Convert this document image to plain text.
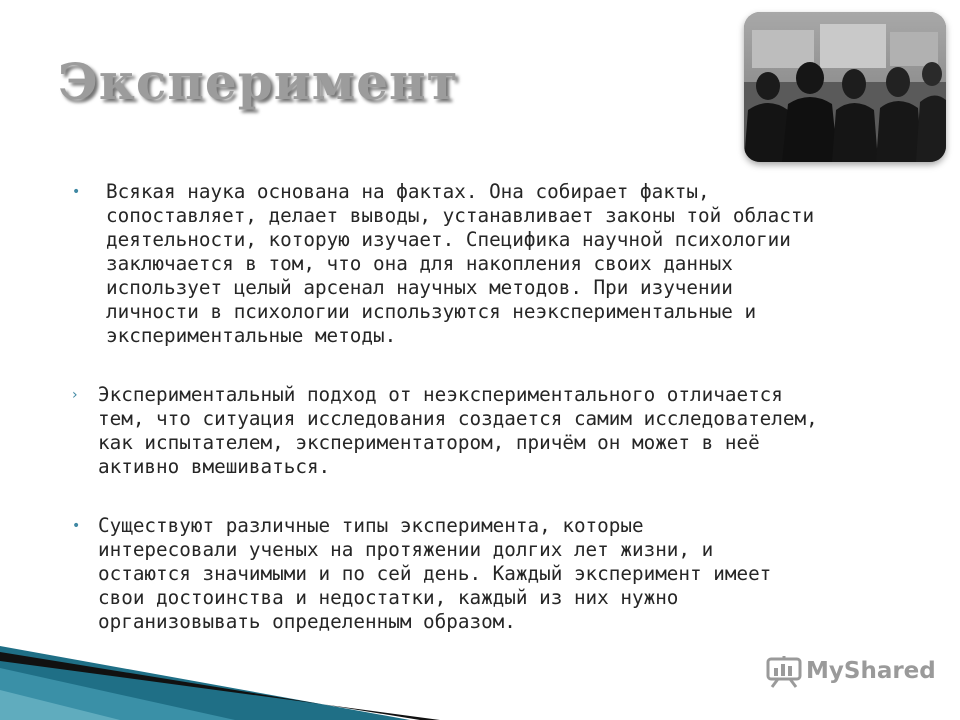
Эксперимент
•	Всякая наука основана на фактах. Она собирает факты,
сопоставляет, делает выводы, устанавливает законы той области
деятельности, которую изучает. Специфика научной психологии
заключается в том, что она для накопления своих данных
использует целый арсенал научных методов. При изучении
личности в психологии используются неэкспериментальные и
экспериментальные методы.
› Экспериментальный подход от неэкспериментального отличается
тем, что ситуация исследования создается самим исследователем,
как испытателем, экспериментатором, причём он может в неё
активно вмешиваться.
• Существуют различные типы эксперимента, которые
интересовали ученых на протяжении долгих лет жизни, и
остаются значимыми и по сей день. Каждый эксперимент имеет
свои достоинства и недостатки, каждый из них нужно
организовывать определенным образом.
MyShared
